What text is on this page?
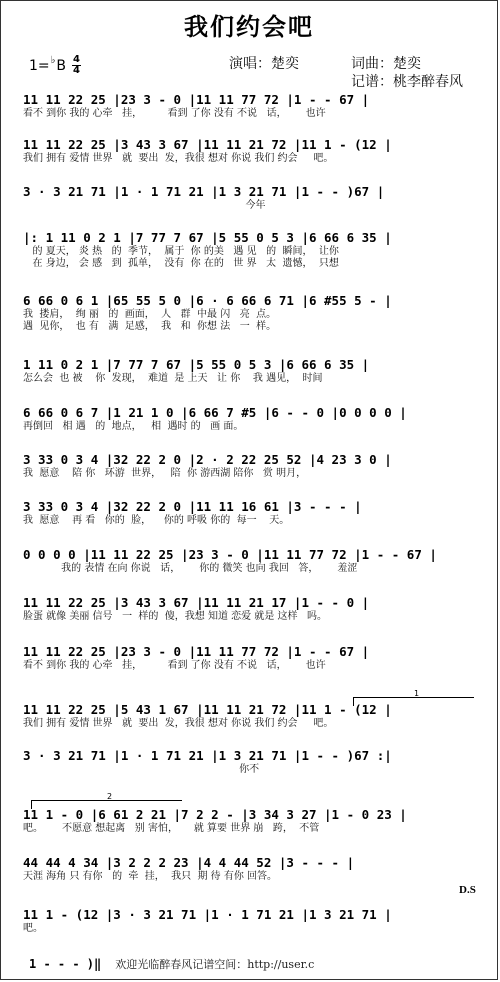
我们约会吧
1= ♭ B 4
4	演唱：楚奕	词曲：楚奕
记谱：桃李醉春风
1
2
11 11 22 25 |23 3 - 0 |11 11 77 72 |1 - - 67 |
看不 到你 我的 心牵   挂，        看到 了你 没有 不说   话，      也许
11 11 22 25 |3 43 3 67 |11 11 21 72 |11 1 - (12 |
我们 拥有 爱情 世界   就  要出  发，我很 想对 你说 我们 约会     吧。
3 · 3 21 71 |1 · 1 71 21 |1 3 21 71 |1 - - )67 |
今年
|: 1 11 0 2 1 |7 77 7 67 |5 55 0 5 3 |6 66 6 35 |
的 夏天， 炎 热   的  季节，  属于  你 的美   遇 见   的  瞬间，  让你
在 身边， 会 感   到  孤单，  没有  你 在的   世 界   太  遗憾，  只想
6 66 0 6 1 |65 55 5 0 |6 · 6 66 6 71 |6 #55 5 - |
我  搂肩，  绚 丽   的  画面，  人   群  中最 闪   亮  点。
遇  见你，  也 有   满  足感，  我   和  你想 法   一  样。
1 11 0 2 1 |7 77 7 67 |5 55 0 5 3 |6 66 6 35 |
怎么会  也 被    你  发现，  难道  是 上天   让 你    我 遇见，  时间
6 66 0 6 7 |1 21 1 0 |6 66 7 #5 |6 - - 0 |0 0 0 0 |
再倒回   相 遇   的  地点，   相  遇时 的   画 面。
3 33 0 3 4 |32 22 2 0 |2 · 2 22 25 52 |4 23 3 0 |
我  愿意    陪 你   环游  世界，   陪  你 游西湖 陪你   赏 明月，
3 33 0 3 4 |32 22 2 0 |11 11 16 61 |3 - - - |
我  愿意    再 看   你的  脸，    你的 呼吸 你的  每一    天。
0 0 0 0 |11 11 22 25 |23 3 - 0 |11 11 77 72 |1 - - 67 |
我的 表情 在向 你说   话，      你的 微笑 也向 我回   答，      羞涩
11 11 22 25 |3 43 3 67 |11 11 21 17 |1 - - 0 |
脸蛋 就像 美丽 信号   一  样的  傻，我想 知道 恋爱 就是 这样   吗。
11 11 22 25 |23 3 - 0 |11 11 77 72 |1 - - 67 |
看不 到你 我的 心牵   挂，        看到 了你 没有 不说   话，      也许
11 11 22 25 |5 43 1 67 |11 11 21 72 |11 1 - (12 |
我们 拥有 爱情 世界   就  要出  发，我很 想对 你说 我们 约会     吧。
3 · 3 21 71 |1 · 1 71 21 |1 3 21 71 |1 - - )67 :|
你不
11 1 - 0 |6 61 2 21 |7 2 2 - |3 34 3 27 |1 - 0 23 |
吧。      不愿意 想起离   别 害怕，     就 算要 世界 崩   跨，  不管
44 44 4 34 |3 2 2 2 23 |4 4 44 52 |3 - - - |
天涯 海角 只 有你   的  牵  挂，  我只  期 待 有你 回答。
11 1 - (12 |3 · 3 21 71 |1 · 1 71 21 |1 3 21 71 |
吧。
D.S
1 - - - )‖ 欢迎光临醉春风记谱空间：http://user.c
